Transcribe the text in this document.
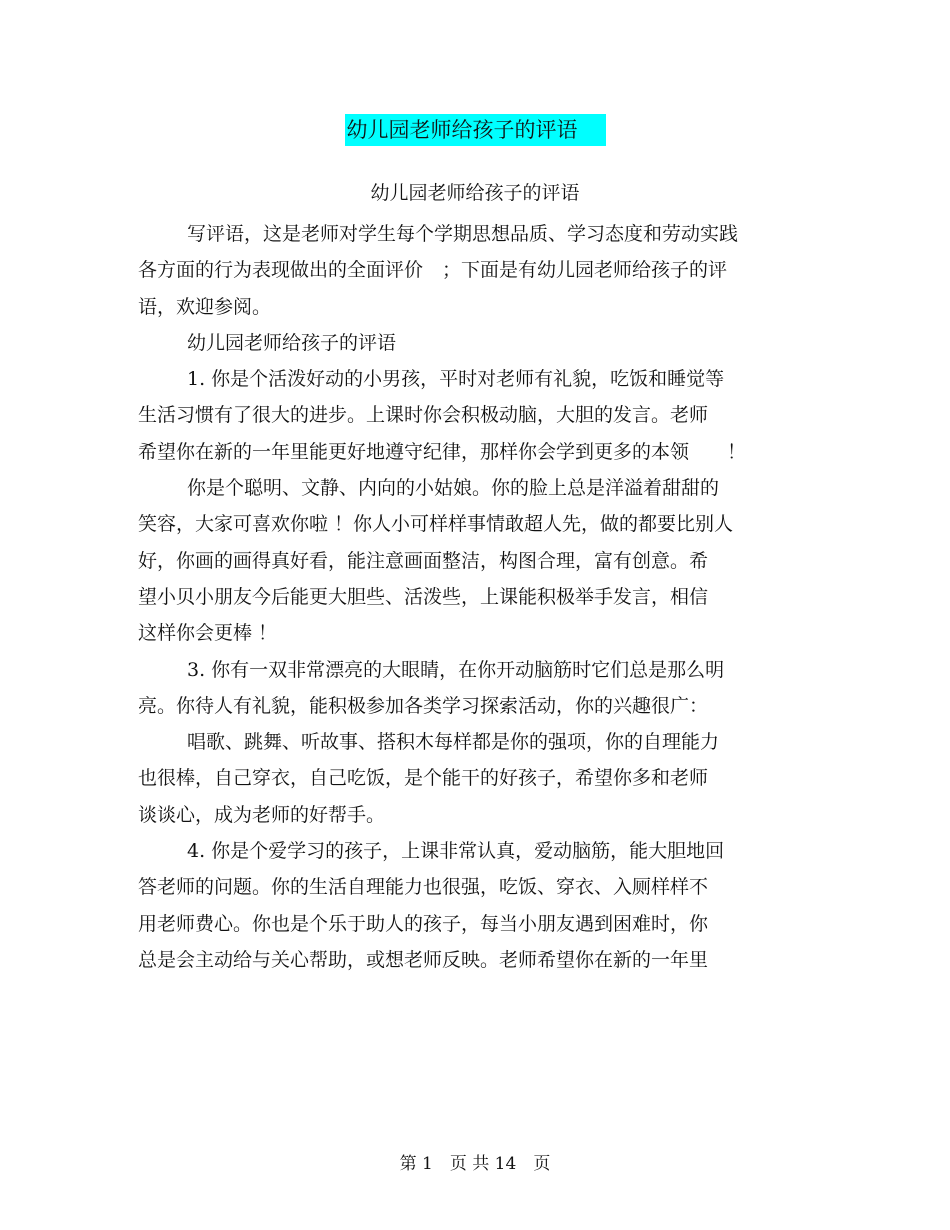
幼儿园老师给孩子的评语
幼儿园老师给孩子的评语
写评语，这是老师对学生每个学期思想品质、学习态度和劳动实践
各方面的行为表现做出的全面评价　；下面是有幼儿园老师给孩子的评
语，欢迎参阅。
幼儿园老师给孩子的评语
1. 你是个活泼好动的小男孩，平时对老师有礼貌，吃饭和睡觉等
生活习惯有了很大的进步。上课时你会积极动脑，大胆的发言。老师
希望你在新的一年里能更好地遵守纪律，那样你会学到更多的本领　　！
你是个聪明、文静、内向的小姑娘。你的脸上总是洋溢着甜甜的
笑容，大家可喜欢你啦 ！你人小可样样事情敢超人先，做的都要比别人
好，你画的画得真好看，能注意画面整洁，构图合理，富有创意。希
望小贝小朋友今后能更大胆些、活泼些，上课能积极举手发言，相信
这样你会更棒 ！
3. 你有一双非常漂亮的大眼睛，在你开动脑筋时它们总是那么明
亮。你待人有礼貌，能积极参加各类学习探索活动，你的兴趣很广：
唱歌、跳舞、听故事、搭积木每样都是你的强项，你的自理能力
也很棒，自己穿衣，自己吃饭，是个能干的好孩子，希望你多和老师
谈谈心，成为老师的好帮手。
4. 你是个爱学习的孩子，上课非常认真，爱动脑筋，能大胆地回
答老师的问题。你的生活自理能力也很强，吃饭、穿衣、入厕样样不
用老师费心。你也是个乐于助人的孩子，每当小朋友遇到困难时，你
总是会主动给与关心帮助，或想老师反映。老师希望你在新的一年里
第 1　页 共 14　页
